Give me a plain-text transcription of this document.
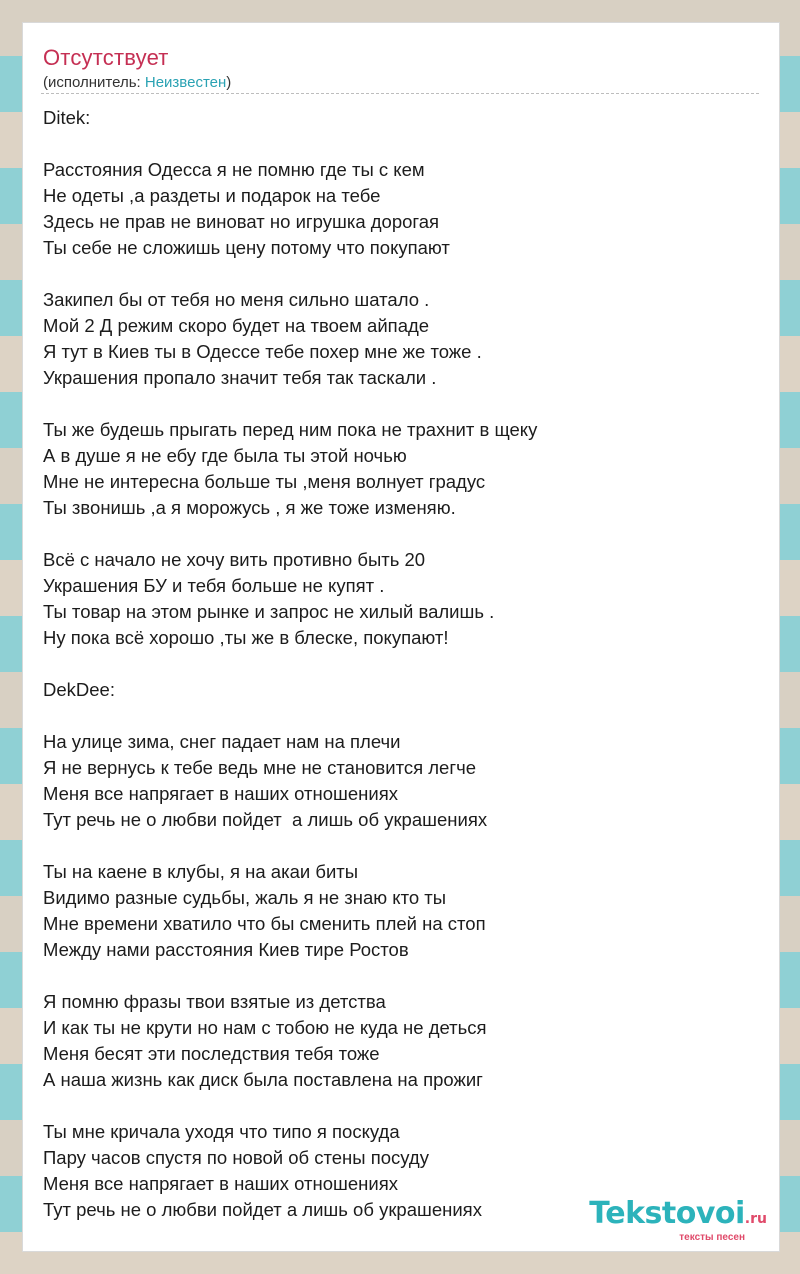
Отсутствует
(исполнитель: Неизвестен)
Ditek:
Расстояния Одесса я не помню где ты с кем
Не одеты ,а раздеты и подарок на тебе
Здесь не прав не виноват но игрушка дорогая
Ты себе не сложишь цену потому что покупают
Закипел бы от тебя но меня сильно шатало .
Мой 2 Д режим скоро будет на твоем айпаде
Я тут в Киев ты в Одессе тебе похер мне же тоже .
Украшения пропало значит тебя так таскали .
Ты же будешь прыгать перед ним пока не трахнит в щеку
А в душе я не ебу где была ты этой ночью
Мне не интересна больше ты ,меня волнует градус
Ты звонишь ,а я морожусь , я же тоже изменяю.
Всё с начало не хочу вить противно быть 20
Украшения БУ и тебя больше не купят .
Ты товар на этом рынке и запрос не хилый валишь .
Ну пока всё хорошо ,ты же в блеске, покупают!
DekDee:
На улице зима, снег падает нам на плечи
Я не вернусь к тебе ведь мне не становится легче
Меня все напрягает в наших отношениях
Тут речь не о любви пойдет  а лишь об украшениях
Ты на каене в клубы, я на акаи биты
Видимо разные судьбы, жаль я не знаю кто ты
Мне времени хватило что бы сменить плей на стоп
Между нами расстояния Киев тире Ростов
Я помню фразы твои взятые из детства
И как ты не крути но нам с тобою не куда не деться
Меня бесят эти последствия тебя тоже
А наша жизнь как диск была поставлена на прожиг
Ты мне кричала уходя что типо я поскуда
Пару часов спустя по новой об стены посуду
Меня все напрягает в наших отношениях
Тут речь не о любви пойдет а лишь об украшениях	Tekstovoi.ru
тексты песен
